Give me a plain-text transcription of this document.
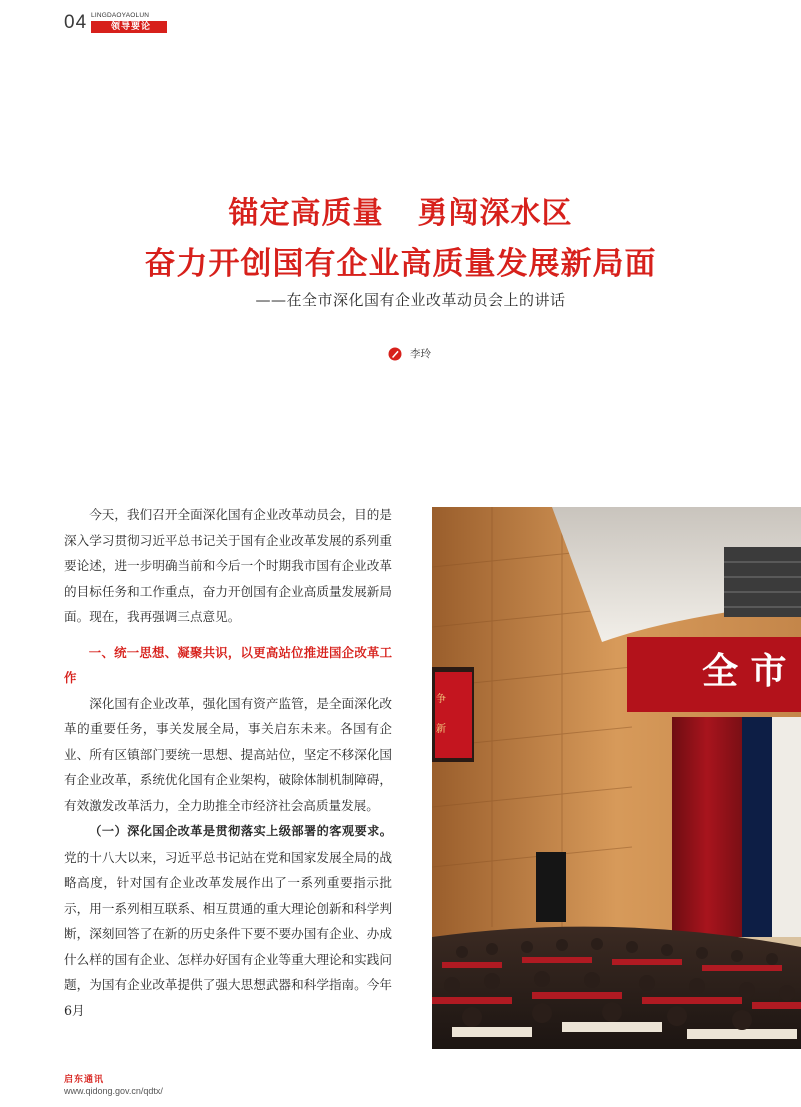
04 LINGDAOYAOLUN
领导要论
锚定高质量 勇闯深水区
奋力开创国有企业高质量发展新局面
——在全市深化国有企业改革动员会上的讲话
李玲

今天，我们召开全面深化国有企业改革动员会，目的是深入学习贯彻习近平总书记关于国有企业改革发展的系列重要论述，进一步明确当前和今后一个时期我市国有企业改革的目标任务和工作重点，奋力开创国有企业高质量发展新局面。现在，我再强调三点意见。

一、统一思想、凝聚共识，以更高站位推进国企改革工作

深化国有企业改革，强化国有资产监管，是全面深化改革的重要任务，事关发展全局，事关启东未来。各国有企业、所有区镇部门要统一思想、提高站位，坚定不移深化国有企业改革，系统优化国有企业架构，破除体制机制障碍，有效激发改革活力，全力助推全市经济社会高质量发展。

（一）深化国企改革是贯彻落实上级部署的客观要求。党的十八大以来，习近平总书记站在党和国家发展全局的战略高度，针对国有企业改革发展作出了一系列重要指示批示，用一系列相互联系、相互贯通的重大理论创新和科学判断，深刻回答了在新的历史条件下要不要办国有企业、办成什么样的国有企业、怎样办好国有企业等重大理论和实践问题，为国有企业改革提供了强大思想武器和科学指南。今年6月

全 市
争
新
启东通讯
www.qidong.gov.cn/qdtx/
